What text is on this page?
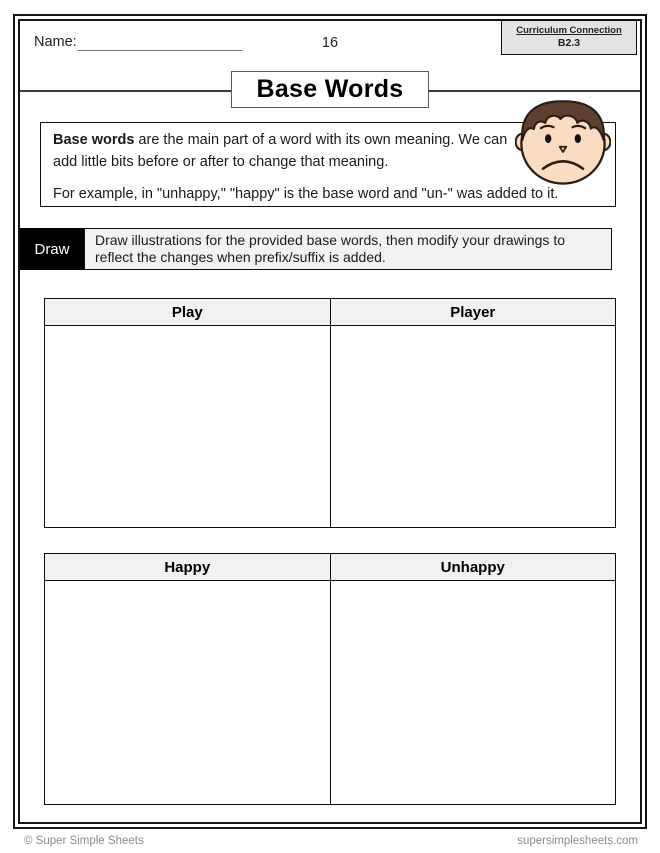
Name:	16
Curriculum Connection
B2.3
Base Words
Base words are the main part of a word with its own meaning. We can add little bits before or after to change that meaning.
For example, in "unhappy," "happy" is the base word and "un-" was added to it.
Draw
Draw illustrations for the provided base words, then modify your drawings to reflect the changes when prefix/suffix is added.
Play	Player
Happy	Unhappy
© Super Simple Sheets	supersimplesheets.com
